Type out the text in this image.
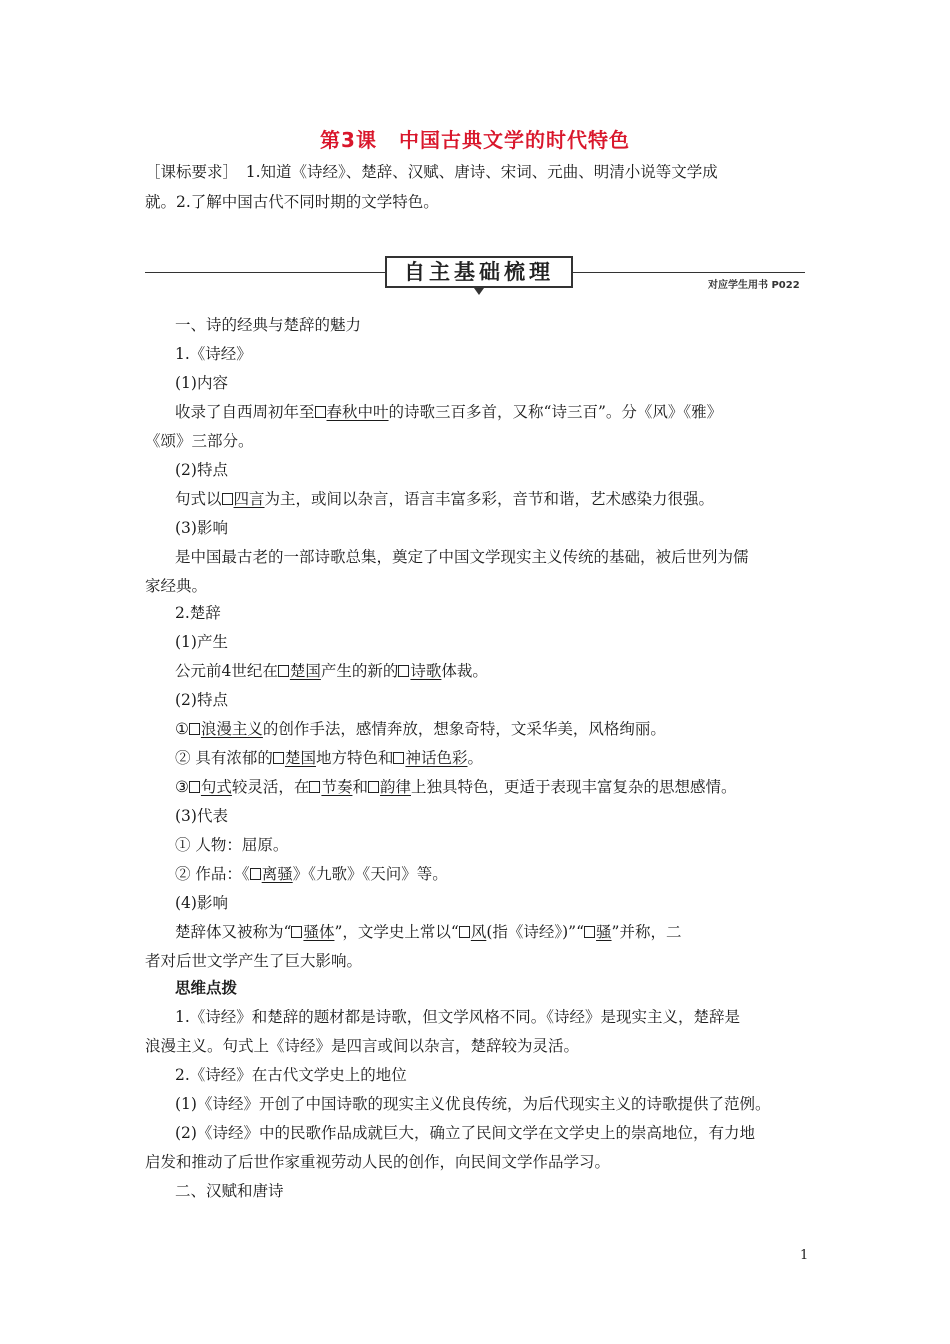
第3课 中国古典文学的时代特色
［课标要求］　1.知道《诗经》、楚辞、汉赋、唐诗、宋词、元曲、明清小说等文学成
就。2.了解中国古代不同时期的文学特色。
自主基础梳理
对应学生用书 P022
一、诗的经典与楚辞的魅力
1.《诗经》
(1)内容
收录了自西周初年至 春秋中叶的诗歌三百多首，又称“诗三百”。分《风》《雅》
《颂》三部分。
(2)特点
句式以 四言为主，或间以杂言，语言丰富多彩，音节和谐，艺术感染力很强。
(3)影响
是中国最古老的一部诗歌总集，奠定了中国文学现实主义传统的基础，被后世列为儒
家经典。
2.楚辞
(1)产生
公元前4世纪在 楚国产生的新的 诗歌体裁。
(2)特点
① 浪漫主义的创作手法，感情奔放，想象奇特，文采华美，风格绚丽。
② 具有浓郁的 楚国地方特色和 神话色彩。
③ 句式较灵活，在 节奏和 韵律上独具特色，更适于表现丰富复杂的思想感情。
(3)代表
① 人物：屈原。
② 作品：《 离骚》《九歌》《天问》等。
(4)影响
楚辞体又被称为“ 骚体”，文学史上常以“ 风(指《诗经》)”“ 骚”并称，二
者对后世文学产生了巨大影响。
思维点拨
1.《诗经》和楚辞的题材都是诗歌，但文学风格不同。《诗经》是现实主义，楚辞是
浪漫主义。句式上《诗经》是四言或间以杂言，楚辞较为灵活。
2.《诗经》在古代文学史上的地位
(1)《诗经》开创了中国诗歌的现实主义优良传统，为后代现实主义的诗歌提供了范例。
(2)《诗经》中的民歌作品成就巨大，确立了民间文学在文学史上的崇高地位，有力地
启发和推动了后世作家重视劳动人民的创作，向民间文学作品学习。
二、汉赋和唐诗
1
